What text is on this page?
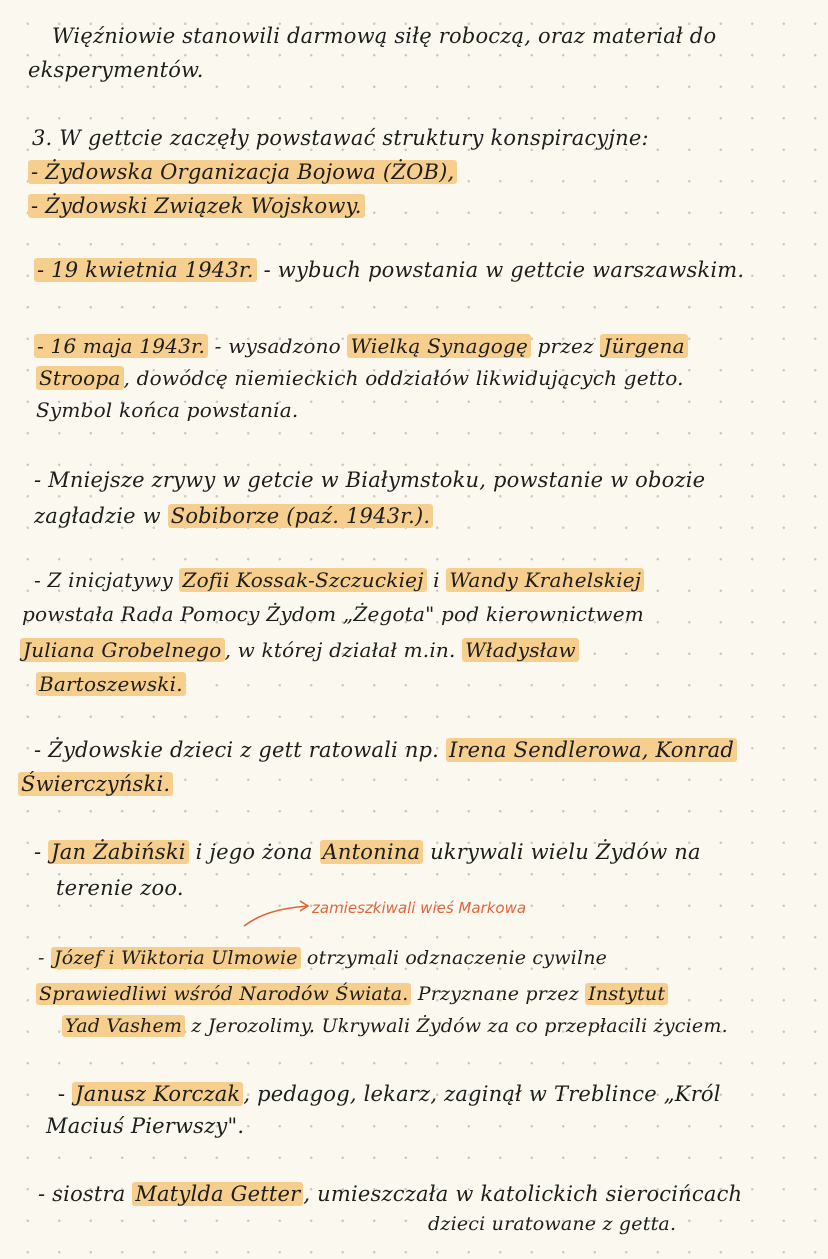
Więźniowie stanowili darmową siłę roboczą, oraz materiał do
eksperymentów.
3. W gettcie zaczęły powstawać struktury konspiracyjne:
- Żydowska Organizacja Bojowa (ŻOB),
- Żydowski Związek Wojskowy.
- 19 kwietnia 1943r. - wybuch powstania w gettcie warszawskim.
- 16 maja 1943r. - wysadzono Wielką Synagogę przez Jürgena
Stroopa , dowódcę niemieckich oddziałów likwidujących getto.
Symbol końca powstania.
- Mniejsze zrywy w getcie w Białymstoku, powstanie w obozie
zagładzie w Sobiborze (paź. 1943r.).
- Z inicjatywy Zofii Kossak-Szczuckiej i Wandy Krahelskiej
powstała Rada Pomocy Żydom „Żegota" pod kierownictwem
Juliana Grobelnego , w której działał m.in. Władysław
Bartoszewski.
- Żydowskie dzieci z gett ratowali np. Irena Sendlerowa, Konrad
Świerczyński.
- Jan Żabiński i jego żona Antonina ukrywali wielu Żydów na
terenie zoo.
- Józef i Wiktoria Ulmowie otrzymali odznaczenie cywilne
Sprawiedliwi wśród Narodów Świata. Przyznane przez Instytut
Yad Vashem z Jerozolimy. Ukrywali Żydów za co przepłacili życiem.
- Janusz Korczak , pedagog, lekarz, zaginął w Treblince „Król
Maciuś Pierwszy".
- siostra Matylda Getter , umieszczała w katolickich sierocińcach
dzieci uratowane z getta.
zamieszkiwali wieś Markowa
